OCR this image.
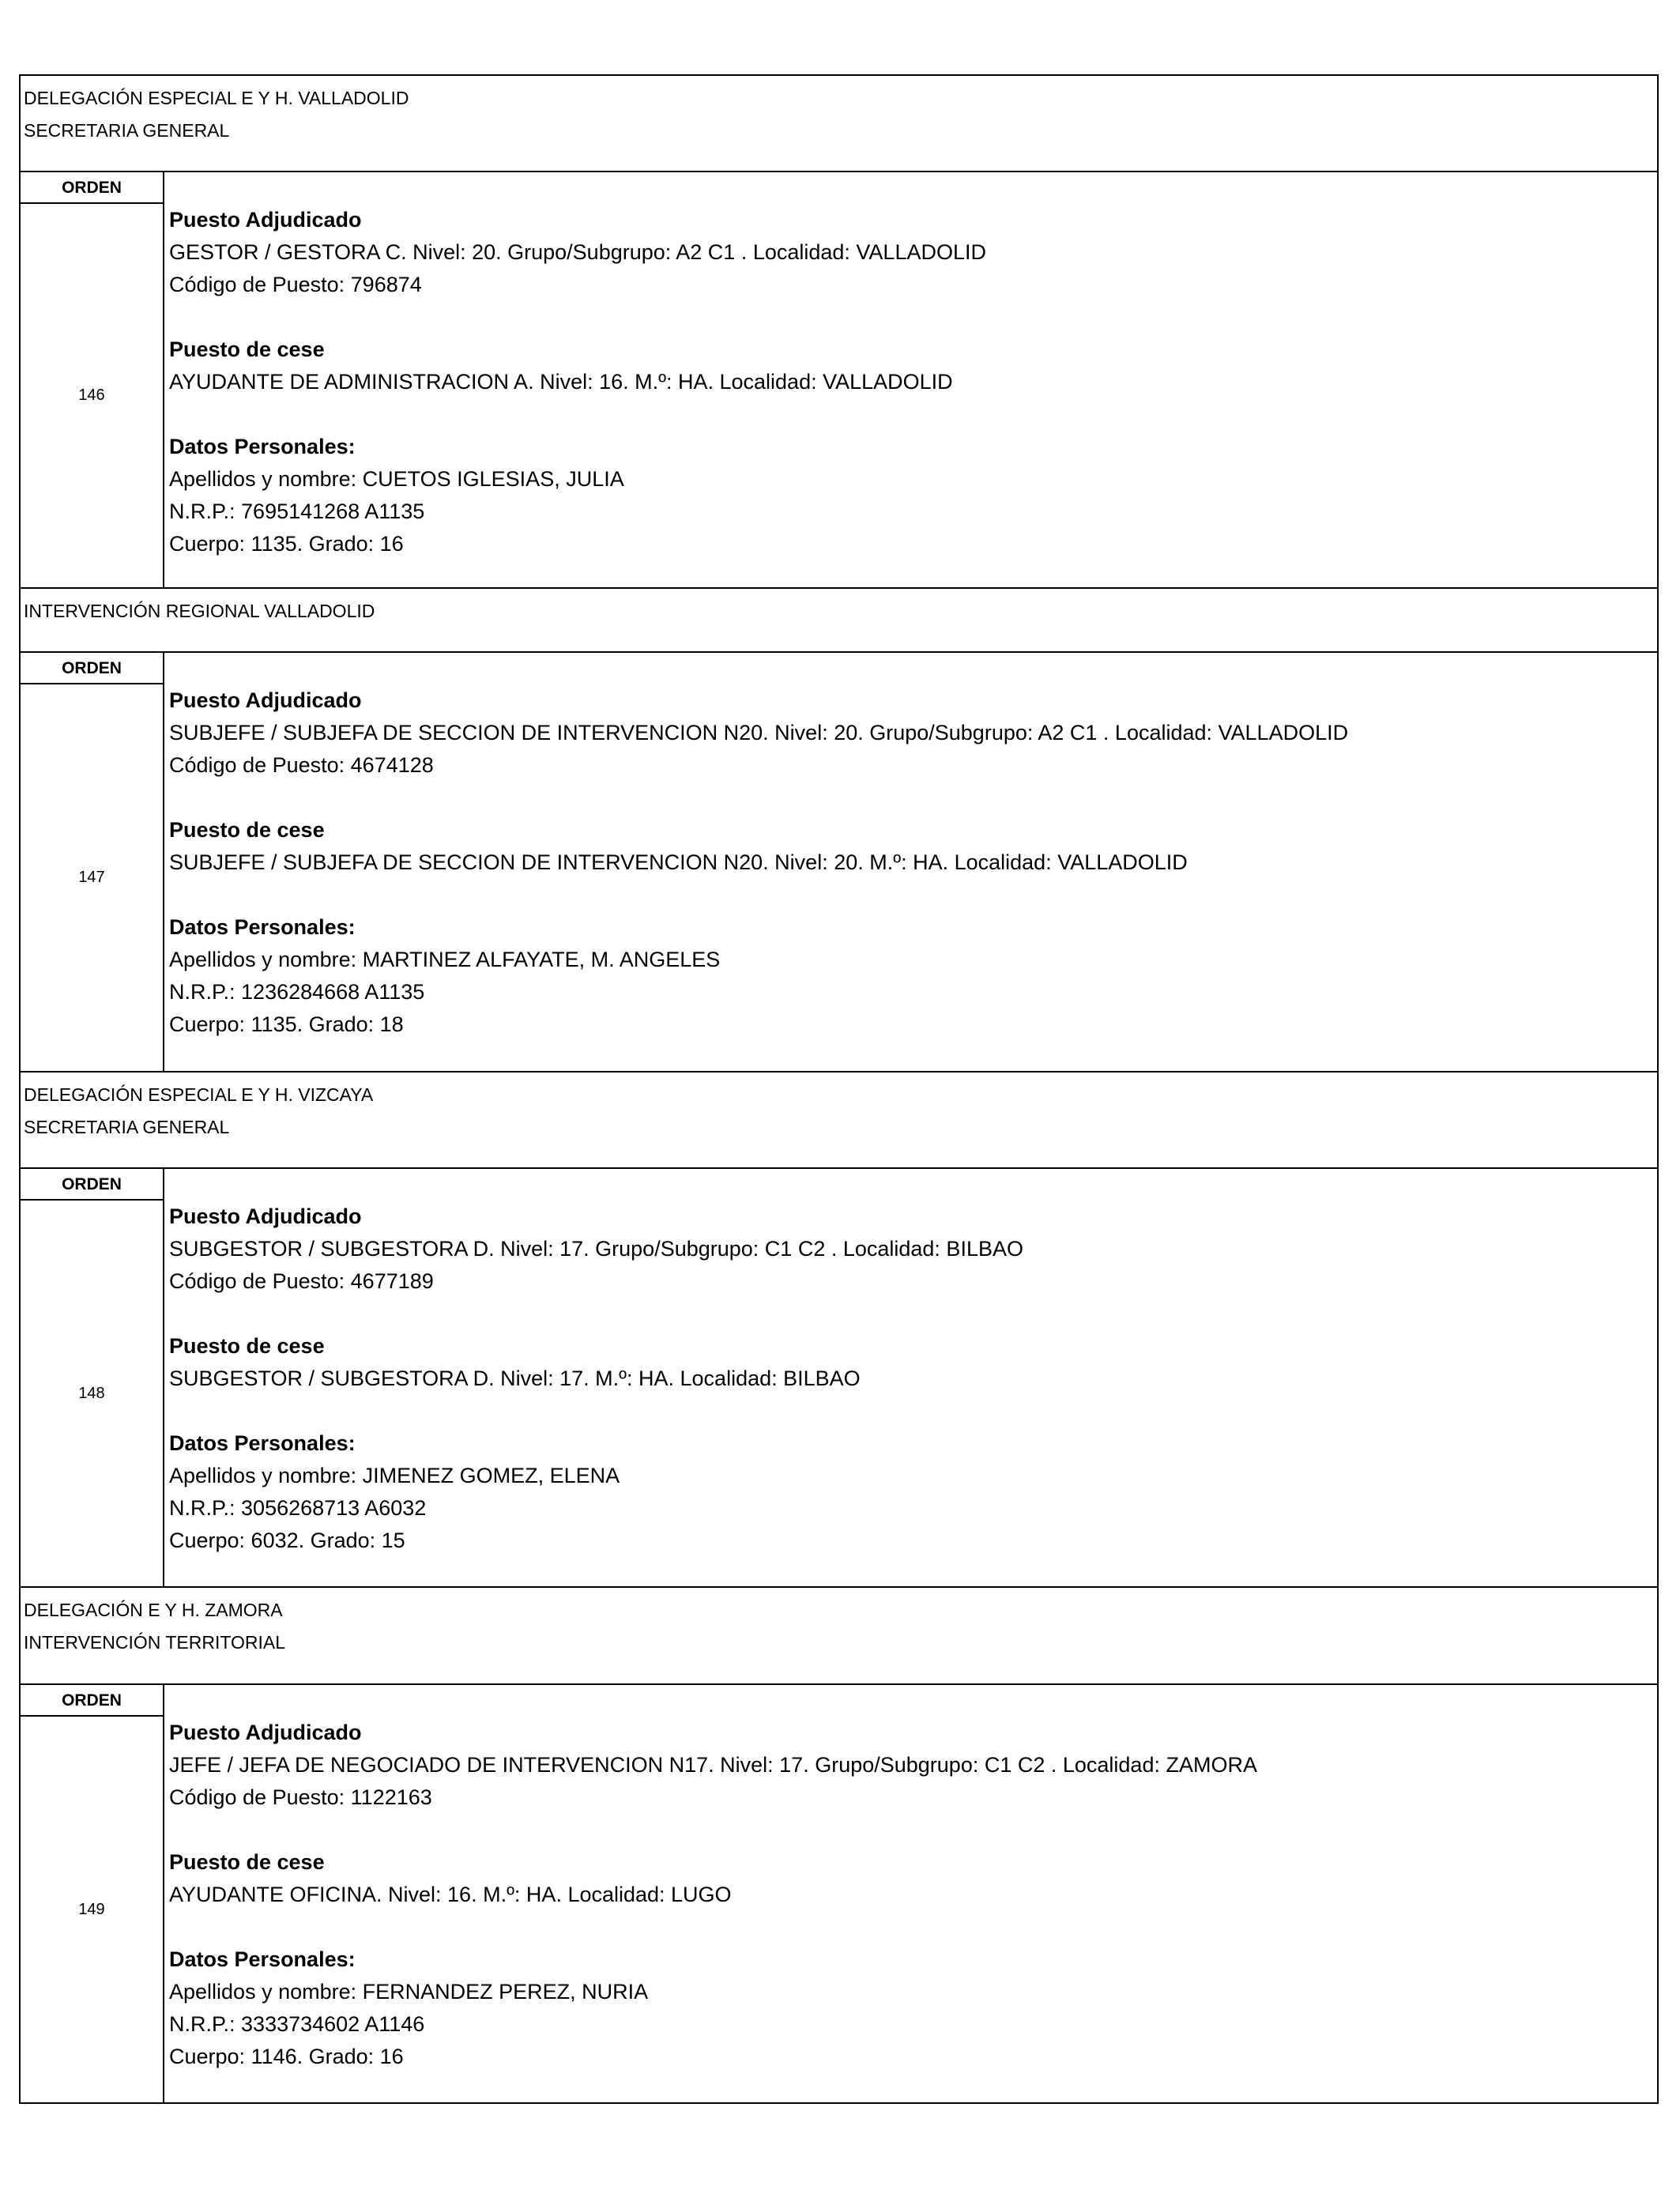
DELEGACIÓN ESPECIAL E Y H. VALLADOLID
SECRETARIA GENERAL
ORDEN
146
Puesto Adjudicado
GESTOR / GESTORA C. Nivel: 20. Grupo/Subgrupo: A2 C1 . Localidad: VALLADOLID
Código de Puesto: 796874
Puesto de cese
AYUDANTE DE ADMINISTRACION A. Nivel: 16. M.º: HA. Localidad: VALLADOLID
Datos Personales:
Apellidos y nombre: CUETOS IGLESIAS, JULIA
N.R.P.: 7695141268 A1135
Cuerpo: 1135. Grado: 16
INTERVENCIÓN REGIONAL VALLADOLID
ORDEN
147
Puesto Adjudicado
SUBJEFE / SUBJEFA DE SECCION DE INTERVENCION N20. Nivel: 20. Grupo/Subgrupo: A2 C1 . Localidad: VALLADOLID
Código de Puesto: 4674128
Puesto de cese
SUBJEFE / SUBJEFA DE SECCION DE INTERVENCION N20. Nivel: 20. M.º: HA. Localidad: VALLADOLID
Datos Personales:
Apellidos y nombre: MARTINEZ ALFAYATE, M. ANGELES
N.R.P.: 1236284668 A1135
Cuerpo: 1135. Grado: 18
DELEGACIÓN ESPECIAL E Y H. VIZCAYA
SECRETARIA GENERAL
ORDEN
148
Puesto Adjudicado
SUBGESTOR / SUBGESTORA D. Nivel: 17. Grupo/Subgrupo: C1 C2 . Localidad: BILBAO
Código de Puesto: 4677189
Puesto de cese
SUBGESTOR / SUBGESTORA D. Nivel: 17. M.º: HA. Localidad: BILBAO
Datos Personales:
Apellidos y nombre: JIMENEZ GOMEZ, ELENA
N.R.P.: 3056268713 A6032
Cuerpo: 6032. Grado: 15
DELEGACIÓN E Y H. ZAMORA
INTERVENCIÓN TERRITORIAL
ORDEN
149
Puesto Adjudicado
JEFE / JEFA DE NEGOCIADO DE INTERVENCION N17. Nivel: 17. Grupo/Subgrupo: C1 C2 . Localidad: ZAMORA
Código de Puesto: 1122163
Puesto de cese
AYUDANTE OFICINA. Nivel: 16. M.º: HA. Localidad: LUGO
Datos Personales:
Apellidos y nombre: FERNANDEZ PEREZ, NURIA
N.R.P.: 3333734602 A1146
Cuerpo: 1146. Grado: 16
